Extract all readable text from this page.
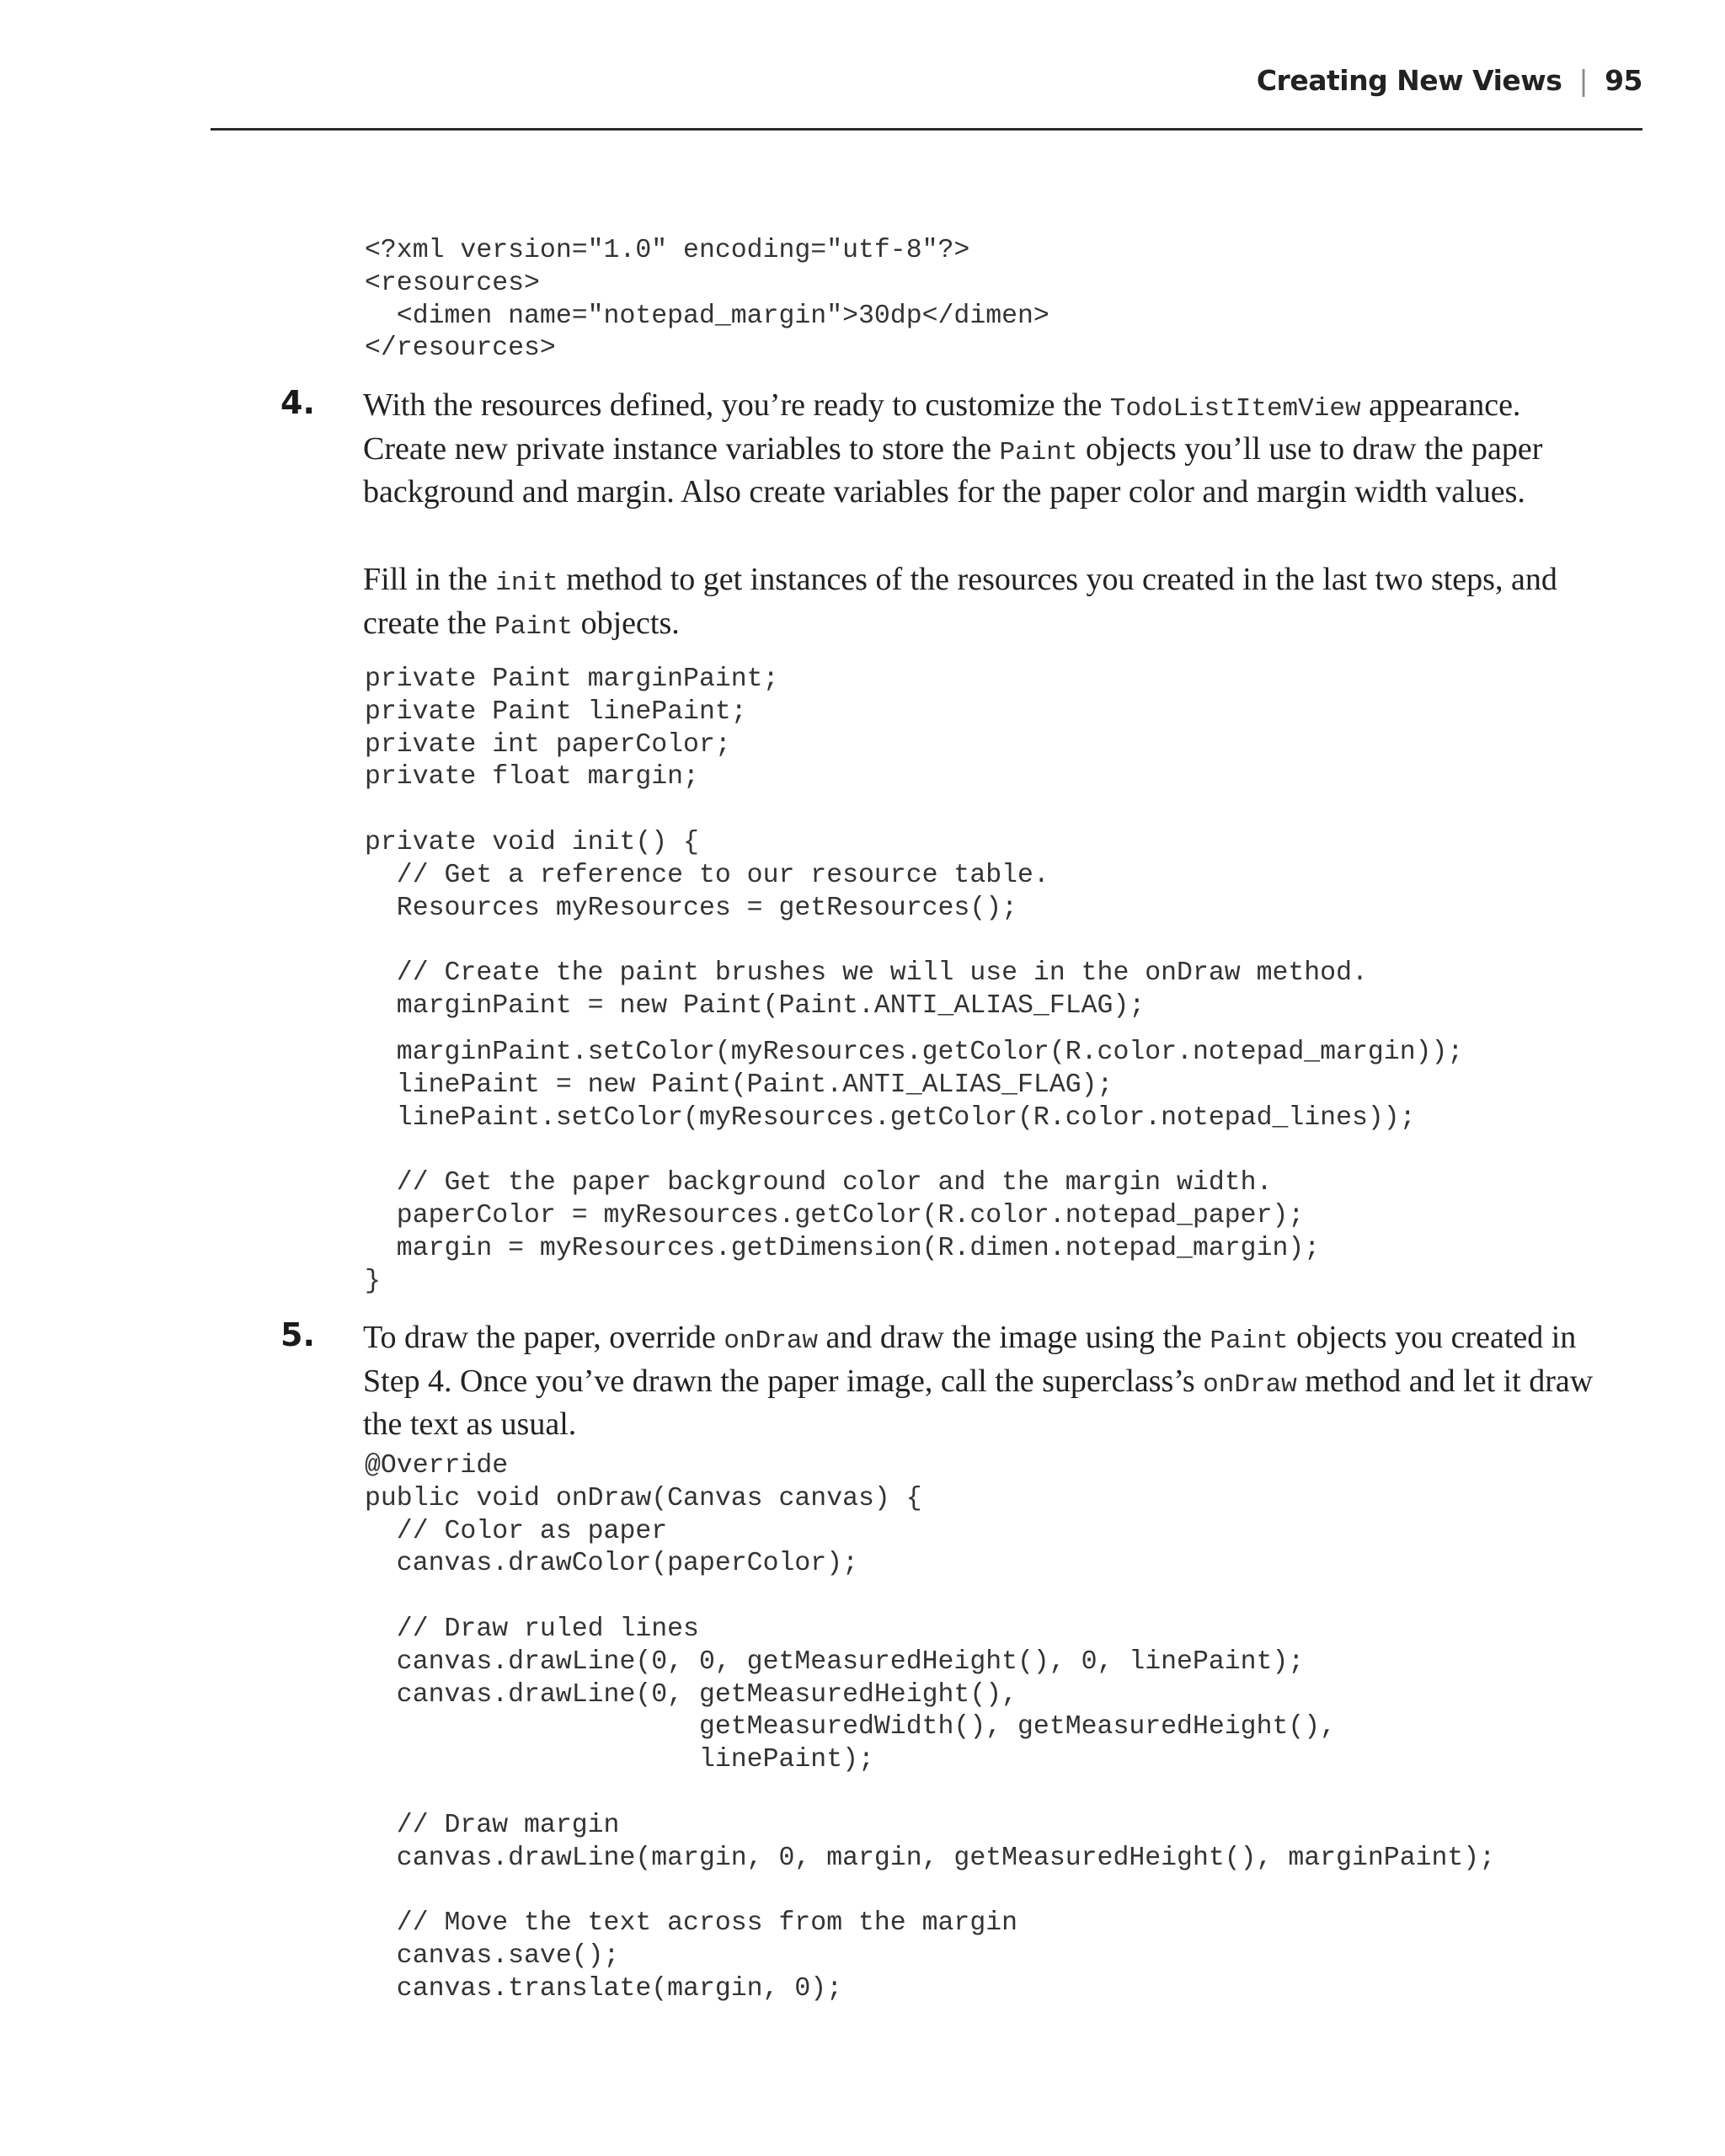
Creating New Views | 95
<?xml version="1.0" encoding="utf-8"?>
<resources>
<dimen name="notepad_margin">30dp</dimen>
</resources>
4. With the resources defined, you’re ready to customize the TodoListItemView appearance. Create new private instance variables to store the Paint objects you’ll use to draw the paper background and margin. Also create variables for the paper color and margin width values.

Fill in the init method to get instances of the resources you created in the last two steps, and create the Paint objects.

private Paint marginPaint;
private Paint linePaint;
private int paperColor;
private float margin;

private void init() {
// Get a reference to our resource table.
Resources myResources = getResources();

// Create the paint brushes we will use in the onDraw method.
marginPaint = new Paint(Paint.ANTI_ALIAS_FLAG);
marginPaint.setColor(myResources.getColor(R.color.notepad_margin));
linePaint = new Paint(Paint.ANTI_ALIAS_FLAG);
linePaint.setColor(myResources.getColor(R.color.notepad_lines));

// Get the paper background color and the margin width.
paperColor = myResources.getColor(R.color.notepad_paper);
margin = myResources.getDimension(R.dimen.notepad_margin);
}
5. To draw the paper, override onDraw and draw the image using the Paint objects you created in Step 4. Once you’ve drawn the paper image, call the superclass’s onDraw method and let it draw the text as usual.

@Override
public void onDraw(Canvas canvas) {
// Color as paper
canvas.drawColor(paperColor);

// Draw ruled lines
canvas.drawLine(0, 0, getMeasuredHeight(), 0, linePaint);
canvas.drawLine(0, getMeasuredHeight(),
getMeasuredWidth(), getMeasuredHeight(),
linePaint);

// Draw margin
canvas.drawLine(margin, 0, margin, getMeasuredHeight(), marginPaint);

// Move the text across from the margin
canvas.save();
canvas.translate(margin, 0);
